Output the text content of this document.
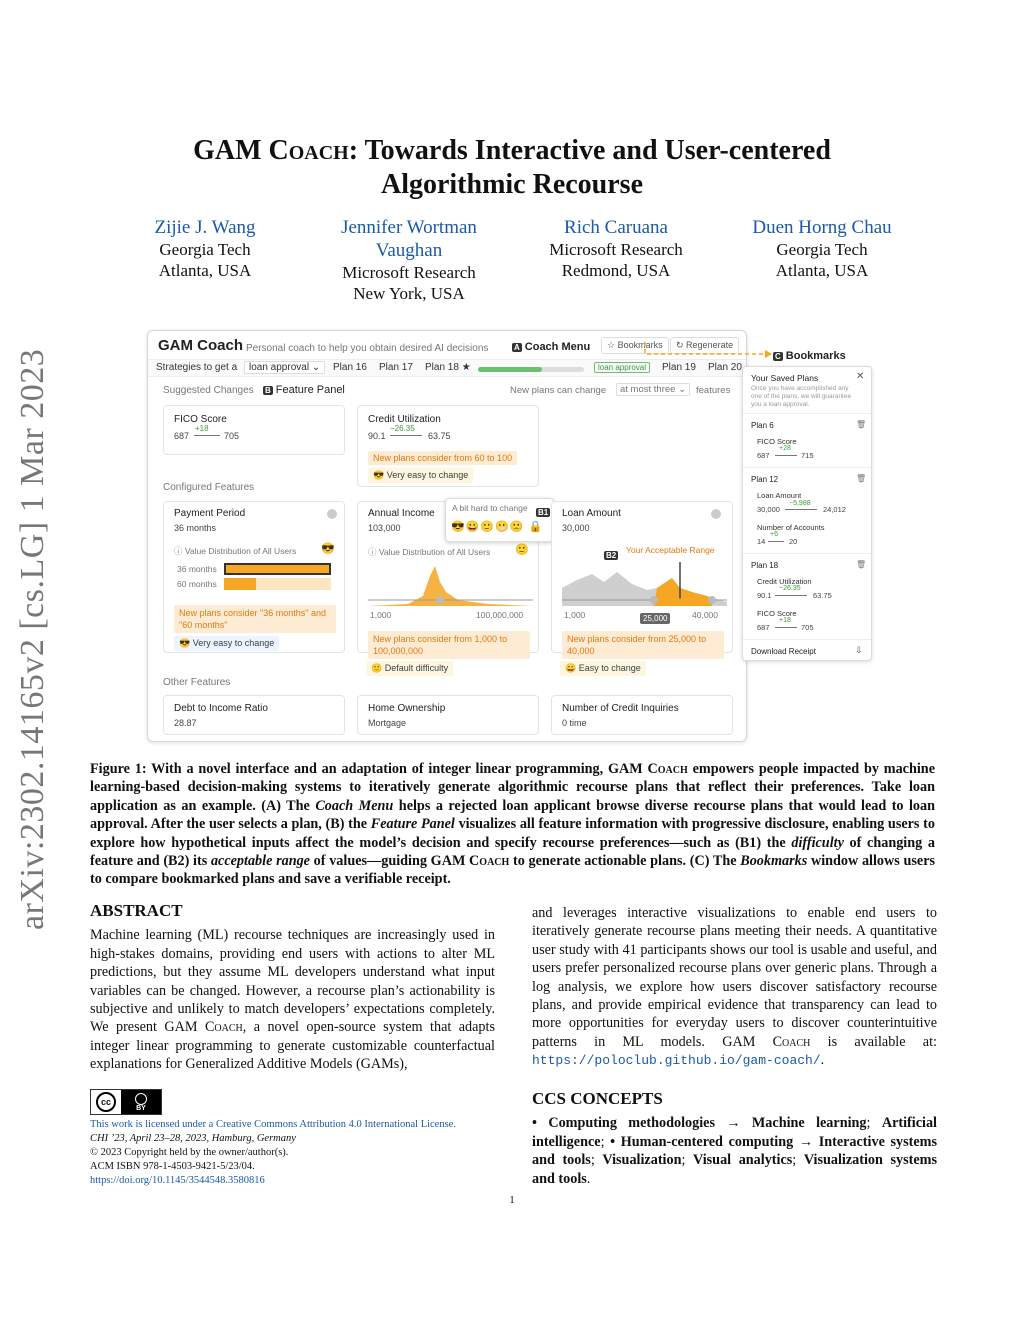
arXiv:2302.14165v2 [cs.LG] 1 Mar 2023
GAM Coach: Towards Interactive and User-centered
Algorithmic Recourse
Zijie J. Wang
Georgia Tech
Atlanta, USA
Jennifer Wortman Vaughan
Microsoft Research
New York, USA
Rich Caruana
Microsoft Research
Redmond, USA
Duen Horng Chau
Georgia Tech
Atlanta, USA
GAM Coach Personal coach to help you obtain desired AI decisions	A Coach Menu	☆ Bookmarks	↻ Regenerate
Strategies to get a	loan approval ⌄	Plan 16 Plan 17 Plan 18 ★	loan approval	Plan 19 Plan 20
Suggested Changes B Feature Panel	New plans can change	at most three ⌄	features
FICO Score
687
+18
705
Credit Utilization
90.1
−26.35
63.75
New plans consider from 60 to 100
😎 Very easy to change
Configured Features
Payment Period
36 months
ⓘ Value Distribution of All Users 😎
36 months
60 months
New plans consider "36 months" and
"60 months"
😎 Very easy to change
Annual Income
103,000
ⓘ Value Distribution of All Users 🙂
1,000	100,000,000
New plans consider from 1,000 to
100,000,000
🙂 Default difficulty
A bit hard to change B1
😎😀🙂😬🙁 🔒
Loan Amount
30,000
B2
Your Acceptable Range
1,000	25,000	40,000
New plans consider from 25,000 to
40,000
😀 Easy to change
Other Features
Debt to Income Ratio
28.87
Home Ownership
Mortgage
Number of Credit Inquiries
0 time
C Bookmarks
Your Saved Plans	✕
Once you have accomplished any
one of the plans, we will guarantee
you a loan approval.
Plan 6	🗑
FICO Score
687
+28
715
Plan 12	🗑
Loan Amount
30,000
−5,988
24,012
Number of Accounts
14
+6
20
Plan 18	🗑
Credit Utilization
90.1
−26.35
63.75
FICO Score
687
+18
705
Download Receipt	⇩
Figure 1: With a novel interface and an adaptation of integer linear programming, GAM Coach empowers people impacted by machine learning-based decision-making systems to iteratively generate algorithmic recourse plans that reflect their preferences. Take loan application as an example. (A) The Coach Menu helps a rejected loan applicant browse diverse recourse plans that would lead to loan approval. After the user selects a plan, (B) the Feature Panel visualizes all feature information with progressive disclosure, enabling users to explore how hypothetical inputs affect the model’s decision and specify recourse preferences—such as (B1) the difficulty of changing a feature and (B2) its acceptable range of values—guiding GAM Coach to generate actionable plans. (C) The Bookmarks window allows users to compare bookmarked plans and save a verifiable receipt.
ABSTRACT
Machine learning (ML) recourse techniques are increasingly used in high-stakes domains, providing end users with actions to alter ML predictions, but they assume ML developers understand what input variables can be changed. However, a recourse plan’s actionability is subjective and unlikely to match developers’ expectations completely. We present GAM Coach, a novel open-source system that adapts integer linear programming to generate customizable counterfactual explanations for Generalized Additive Models (GAMs),
and leverages interactive visualizations to enable end users to iteratively generate recourse plans meeting their needs. A quantitative user study with 41 participants shows our tool is usable and useful, and users prefer personalized recourse plans over generic plans. Through a log analysis, we explore how users discover satisfactory recourse plans, and provide empirical evidence that transparency can lead to more opportunities for everyday users to discover counterintuitive patterns in ML models. GAM Coach is available at: https://poloclub.github.io/gam-coach/.
CCS CONCEPTS
• Computing methodologies → Machine learning; Artificial intelligence; • Human-centered computing → Interactive systems and tools; Visualization; Visual analytics; Visualization systems and tools.
cc
BY
This work is licensed under a Creative Commons Attribution 4.0 International License.
CHI ’23, April 23–28, 2023, Hamburg, Germany
© 2023 Copyright held by the owner/author(s).
ACM ISBN 978-1-4503-9421-5/23/04.
https://doi.org/10.1145/3544548.3580816
1
